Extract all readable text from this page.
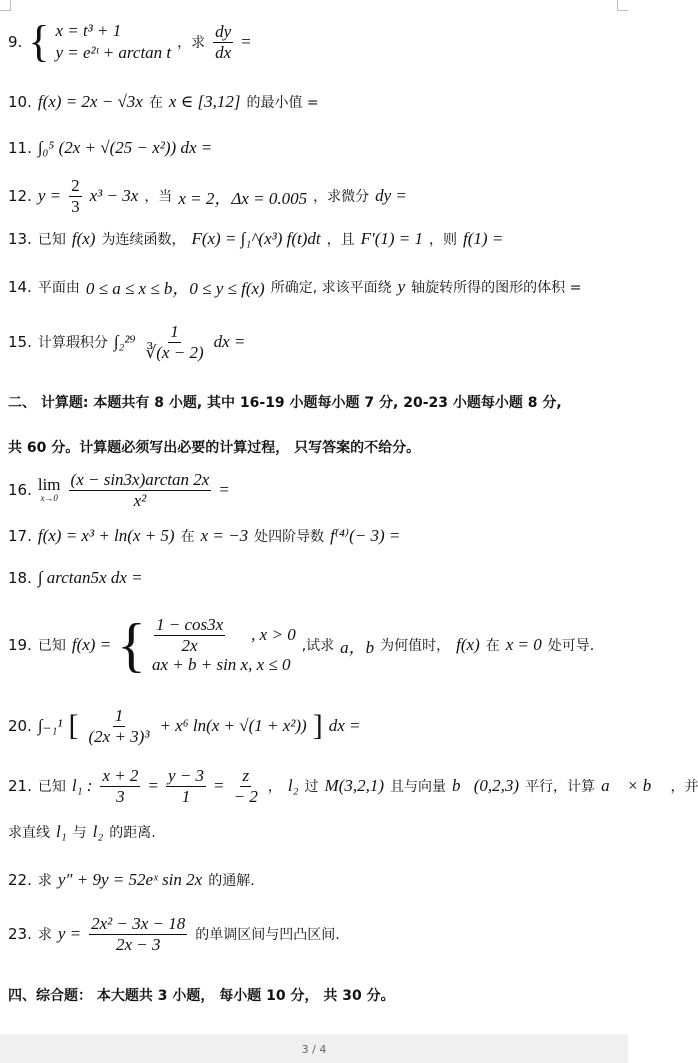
9. { x = t³ + 1
y = e²ᵗ + arctan t ，求 $\frac{dy}{dx}$ =
10. f(x) = 2x − √3x 在 x ∈ [3,12] 的最小值 =
11. ∫₀⁵ (2x + √(25 − x²)) dx =
12. $y = \frac{2}{3} x^3 - 3x$ ，当 x = 2，Δx = 0.005 ，求微分 dy =
13. 已知 f(x) 为连续函数， F(x) = ∫₁^(x³) f(t)dt ，且 F′(1) = 1 ，则 f(1) =
14. 平面由 0 ≤ a ≤ x ≤ b，0 ≤ y ≤ f(x) 所确定, 求该平面绕 y 轴旋转所得的图形的体积 =
15. 计算瑕积分 $\int_2^{29} \frac{1}{∛(x - 2)}$ dx =
二、 计算题: 本题共有 8 小题, 其中 16-19 小题每小题 7 分, 20-23 小题每小题 8 分,
共 60 分。计算题必须写出必要的计算过程， 只写答案的不给分。
16. lim
$x\to 0 \frac{(x - \sin 3x)\arctan 2x}{\text{x²}}$ =
17. f(x) = x³ + ln(x + 5) 在 x = −3 处四阶导数 f⁽⁴⁾(− 3) =
18. ∫ arctan5x dx =
19. 已知 f(x) = { $\frac{1 - \cos 3x}{2x}$ , x > 0
ax + b + sin x, x ≤ 0
,试求 a，b 为何值时， f(x) 在 x = 0 处可导.
20. ∫₋₁¹ [ $\frac{1}{\text{(2x + 3)³}} + x^6$ ln(x + √(1 + x²)) ] dx =
21. 已知 l₁ : $\frac{x + 2}{3} = \frac{y - 3}{1} = \frac{z}{- 2}$ ， l₂ 过 M(3,2,1) 且与向量 b⃗(0,2,3) 平行，计算 a⃗ × b⃗ ，并
求直线 l₁ 与 l₂ 的距离.
22. 求 y″ + 9y = 52eˣ sin 2x 的通解.
23. 求 $y = \frac{\text{2x² − 3x − 18}}{2x - 3}$ 的单调区间与凹凸区间.
四、综合题： 本大题共 3 小题， 每小题 10 分， 共 30 分。
3 / 4
